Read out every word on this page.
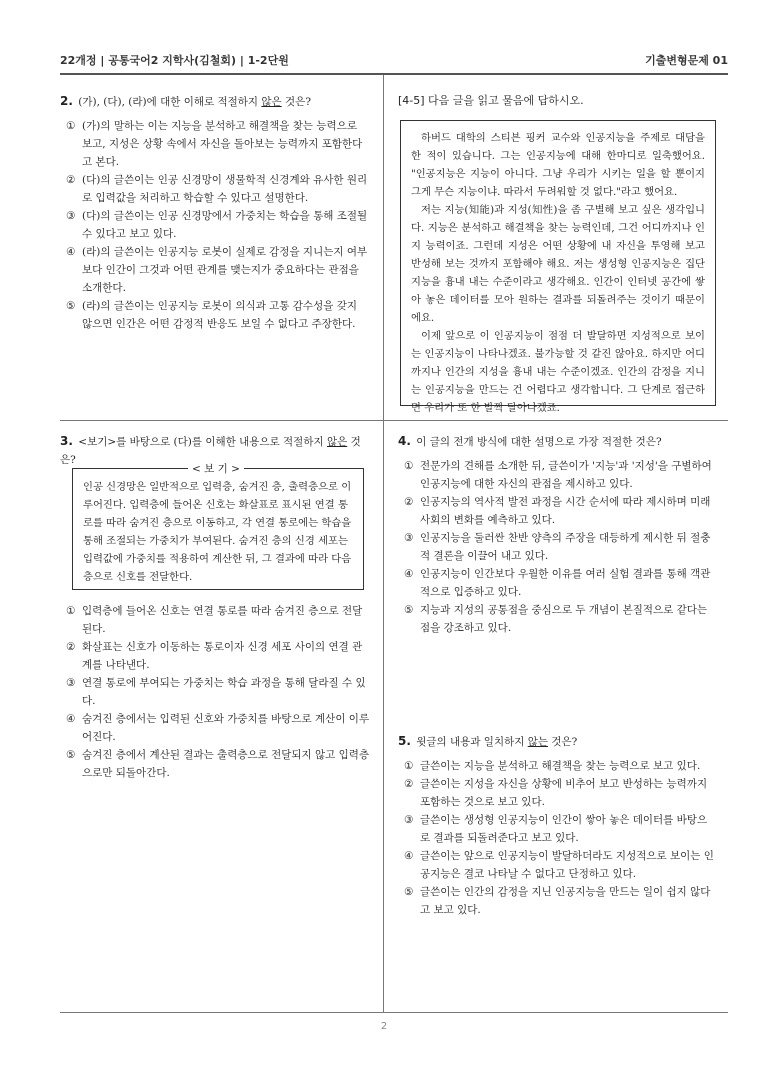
22개정 | 공통국어2 지학사(김철회) | 1-2단원	기출변형문제 01
2. (가), (다), (라)에 대한 이해로 적절하지 않은 것은?
① (가)의 말하는 이는 지능을 분석하고 해결책을 찾는 능력으로 보고, 지성은 상황 속에서 자신을 돌아보는 능력까지 포함한다고 본다.
② (다)의 글쓴이는 인공 신경망이 생물학적 신경계와 유사한 원리로 입력값을 처리하고 학습할 수 있다고 설명한다.
③ (다)의 글쓴이는 인공 신경망에서 가중치는 학습을 통해 조절될 수 있다고 보고 있다.
④ (라)의 글쓴이는 인공지능 로봇이 실제로 감정을 지니는지 여부보다 인간이 그것과 어떤 관계를 맺는지가 중요하다는 관점을 소개한다.
⑤ (라)의 글쓴이는 인공지능 로봇이 의식과 고통 감수성을 갖지 않으면 인간은 어떤 감정적 반응도 보일 수 없다고 주장한다.
[4-5] 다음 글을 읽고 물음에 답하시오.

하버드 대학의 스티븐 핑커 교수와 인공지능을 주제로 대담을 한 적이 있습니다. 그는 인공지능에 대해 한마디로 일축했어요. "인공지능은 지능이 아니다. 그냥 우리가 시키는 일을 할 뿐이지 그게 무슨 지능이냐. 따라서 두려워할 것 없다."라고 했어요.

저는 지능(知能)과 지성(知性)을 좀 구별해 보고 싶은 생각입니다. 지능은 분석하고 해결책을 찾는 능력인데, 그건 어디까지나 인지 능력이죠. 그런데 지성은 어떤 상황에 내 자신을 투영해 보고 반성해 보는 것까지 포함해야 해요. 저는 생성형 인공지능은 집단 지능을 흉내 내는 수준이라고 생각해요. 인간이 인터넷 공간에 쌓아 놓은 데이터를 모아 원하는 결과를 되돌려주는 것이기 때문이에요.

이제 앞으로 이 인공지능이 점점 더 발달하면 지성적으로 보이는 인공지능이 나타나겠죠. 불가능할 것 같진 않아요. 하지만 어디까지나 인간의 지성을 흉내 내는 수준이겠죠. 인간의 감정을 지니는 인공지능을 만드는 건 어렵다고 생각합니다. 그 단계로 접근하면 우리가 또 한 발짝 달아나겠죠.

3. <보기>를 바탕으로 (다)를 이해한 내용으로 적절하지 않은 것은?
< 보 기 >
인공 신경망은 일반적으로 입력층, 숨겨진 층, 출력층으로 이루어진다. 입력층에 들어온 신호는 화살표로 표시된 연결 통로를 따라 숨겨진 층으로 이동하고, 각 연결 통로에는 학습을 통해 조절되는 가중치가 부여된다. 숨겨진 층의 신경 세포는 입력값에 가중치를 적용하여 계산한 뒤, 그 결과에 따라 다음 층으로 신호를 전달한다.
① 입력층에 들어온 신호는 연결 통로를 따라 숨겨진 층으로 전달된다.
② 화살표는 신호가 이동하는 통로이자 신경 세포 사이의 연결 관계를 나타낸다.
③ 연결 통로에 부여되는 가중치는 학습 과정을 통해 달라질 수 있다.
④ 숨겨진 층에서는 입력된 신호와 가중치를 바탕으로 계산이 이루어진다.
⑤ 숨겨진 층에서 계산된 결과는 출력층으로 전달되지 않고 입력층으로만 되돌아간다.
4. 이 글의 전개 방식에 대한 설명으로 가장 적절한 것은?
① 전문가의 견해를 소개한 뒤, 글쓴이가 '지능'과 '지성'을 구별하여 인공지능에 대한 자신의 관점을 제시하고 있다.
② 인공지능의 역사적 발전 과정을 시간 순서에 따라 제시하며 미래 사회의 변화를 예측하고 있다.
③ 인공지능을 둘러싼 찬반 양측의 주장을 대등하게 제시한 뒤 절충적 결론을 이끌어 내고 있다.
④ 인공지능이 인간보다 우월한 이유를 여러 실험 결과를 통해 객관적으로 입증하고 있다.
⑤ 지능과 지성의 공통점을 중심으로 두 개념이 본질적으로 같다는 점을 강조하고 있다.
5. 윗글의 내용과 일치하지 않는 것은?
① 글쓴이는 지능을 분석하고 해결책을 찾는 능력으로 보고 있다.
② 글쓴이는 지성을 자신을 상황에 비추어 보고 반성하는 능력까지 포함하는 것으로 보고 있다.
③ 글쓴이는 생성형 인공지능이 인간이 쌓아 놓은 데이터를 바탕으로 결과를 되돌려준다고 보고 있다.
④ 글쓴이는 앞으로 인공지능이 발달하더라도 지성적으로 보이는 인공지능은 결코 나타날 수 없다고 단정하고 있다.
⑤ 글쓴이는 인간의 감정을 지닌 인공지능을 만드는 일이 쉽지 않다고 보고 있다.
2
